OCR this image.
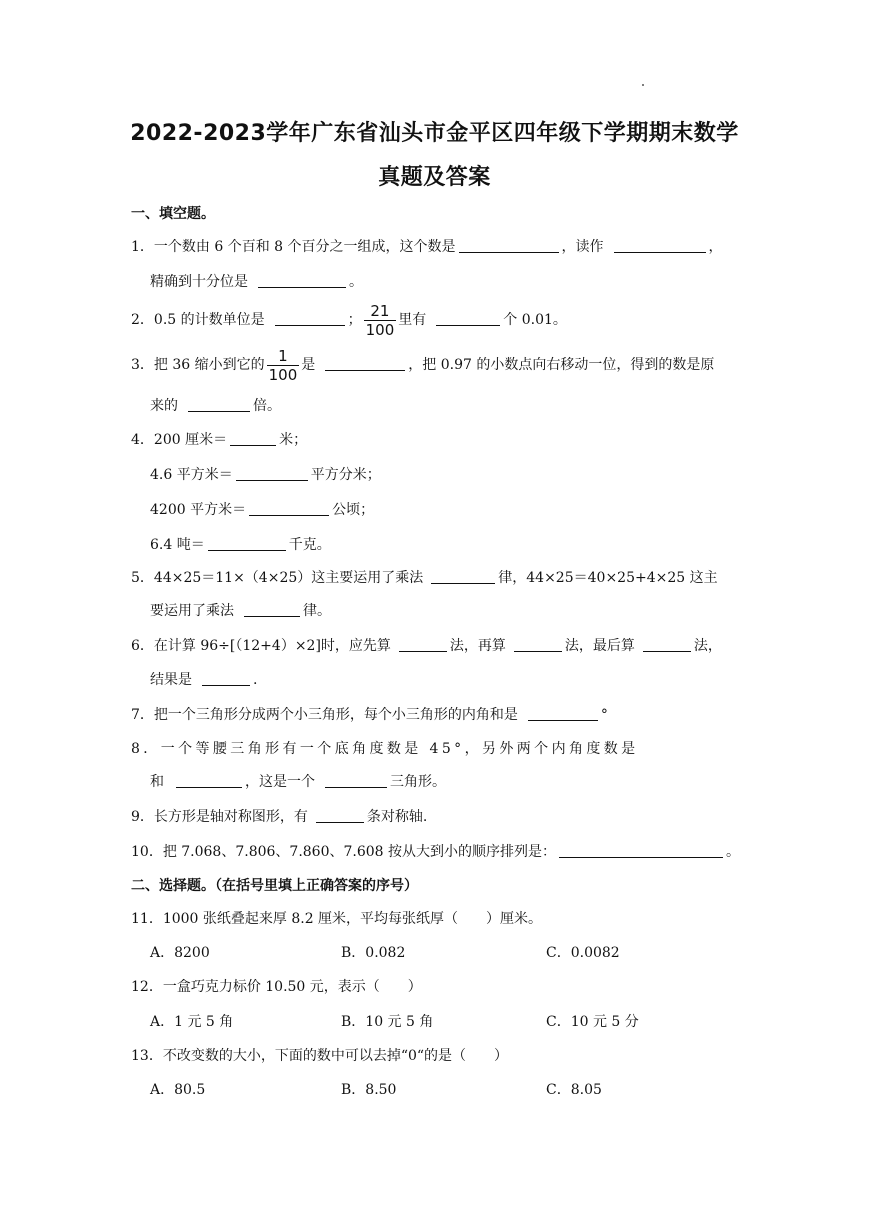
2022-2023学年广东省汕头市金平区四年级下学期期末数学
真题及答案
一、填空题。
1．一个数由 6 个百和 8 个百分之一组成，这个数是	，读作	，
精确到十分位是	。
2．0.5 的计数单位是	； $\frac{21}{100}$ 里有	个 0.01。
3．把 36 缩小到它的 $\frac{1}{100}$ 是	，把 0.97 的小数点向右移动一位，得到的数是原
来的	倍。
4．200 厘米＝	米；
4.6 平方米＝	平方分米；
4200 平方米＝	公顷；
6.4 吨＝	千克。
5．44×25＝11×（4×25）这主要运用了乘法	律，44×25＝40×25+4×25 这主
要运用了乘法	律。
6．在计算 96÷[（12+4）×2]时，应先算	法，再算	法，最后算	法，
结果是	.
7．把一个三角形分成两个小三角形，每个小三角形的内角和是	°
8．一个等腰三角形有一个底角度数是 45°，另外两个内角度数是
和	，这是一个	三角形。
9．长方形是轴对称图形，有	条对称轴.
10．把 7.068、7.806、7.860、7.608 按从大到小的顺序排列是：	。
二、选择题。（在括号里填上正确答案的序号）
11．1000 张纸叠起来厚 8.2 厘米，平均每张纸厚（　　）厘米。
A．8200	B．0.082	C．0.0082
12．一盒巧克力标价 10.50 元，表示（　　）
A．1 元 5 角	B．10 元 5 角	C．10 元 5 分
13．不改变数的大小，下面的数中可以去掉“0“的是（　　）
A．80.5	B．8.50	C．8.05
